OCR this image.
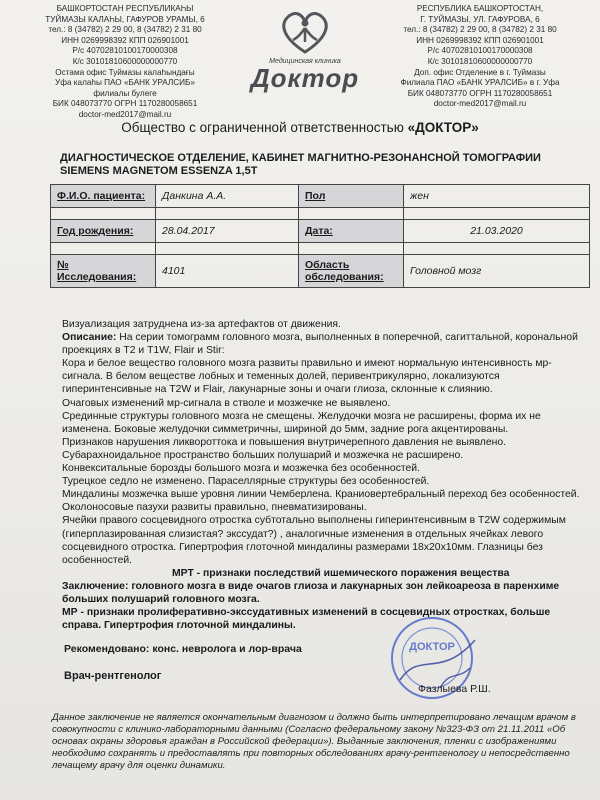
БАШКОРТОСТАН РЕСПУБЛИКАҺЫ
ТУЙМАЗЫ КАЛАҺЫ, ГАФУРОВ УРАМЫ, 6
тел.: 8 (34782) 2 29 00, 8 (34782) 2 31 80
ИНН 0269998392 КПП 026901001
Р/с 40702810100170000308
К/с 30101810600000000770
Остама офис Туймазы калаһындағы
Уфа калаһы ПАО «БАНК УРАЛСИБ»
филиалы булеге
БИК 048073770 ОГРН 1170280058651
doctor-med2017@mail.ru
Медицинская клиника
Доктор
РЕСПУБЛИКА БАШКОРТОСТАН,
Г. ТУЙМАЗЫ, УЛ. ГАФУРОВА, 6
тел.: 8 (34782) 2 29 00, 8 (34782) 2 31 80
ИНН 0269998392 КПП 026901001
Р/с 40702810100170000308
К/с 30101810600000000770
Доп. офис Отделение в г. Туймазы
Филиала ПАО «БАНК УРАЛСИБ» в г. Уфа
БИК 048073770 ОГРН 1170280058651
doctor-med2017@mail.ru
Общество с ограниченной ответственностью «ДОКТОР»
ДИАГНОСТИЧЕСКОЕ ОТДЕЛЕНИЕ, КАБИНЕТ МАГНИТНО-РЕЗОНАНСНОЙ ТОМОГРАФИИ SIEMENS MAGNETOM ESSENZA 1,5T
Ф.И.О. пациента:	Данкина А.А.	Пол	жен

Год рождения:	28.04.2017	Дата:	21.03.2020

№ Исследования:	4101	Область обследования:	Головной мозг

Визуализация затруднена из-за артефактов от движения.

Описание: На серии томограмм головного мозга, выполненных в поперечной, сагиттальной, корональной проекциях в Т2 и Т1W, Flair и Stir:

Кора и белое вещество головного мозга развиты правильно и имеют нормальную интенсивность мр-сигнала. В белом веществе лобных и теменных долей, перивентрикулярно, локализуются гиперинтенсивные на Т2W и Flair, лакунарные зоны и очаги глиоза, склонные к слиянию.

Очаговых изменений мр-сигнала в стволе и мозжечке не выявлено.

Срединные структуры головного мозга не смещены. Желудочки мозга не расширены, форма их не изменена. Боковые желудочки симметричны, шириной до 5мм, задние рога акцентированы.

Признаков нарушения ликвороттока и повышения внутричерепного давления не выявлено.

Субарахноидальное пространство больших полушарий и мозжечка не расширено.

Конвекситальные борозды большого мозга и мозжечка без особенностей.

Турецкое седло не изменено. Параселлярные структуры без особенностей.

Миндалины мозжечка выше уровня линии Чемберлена. Краниовертебральный переход без особенностей.

Околоносовые пазухи развиты правильно, пневматизированы.

Ячейки правого сосцевидного отростка субтотально выполнены гиперинтенсивным в Т2W содержимым (гиперплазированная слизистая? экссудат?) , аналогичные изменения в отдельных ячейках левого сосцевидного отростка. Гипертрофия глоточной миндалины размерами 18х20х10мм. Глазницы без особенностей.

МРТ - признаки последствий ишемического поражения вещества

Заключение: головного мозга в виде очагов глиоза и лакунарных зон лейкоареоза в паренхиме больших полушарий головного мозга.

МР - признаки пролиферативно-экссудативных изменений в сосцевидных отростках, больше справа. Гипертрофия глоточной миндалины.

Рекомендовано: конс. невролога и лор-врача	ДОКТОР
Врач-рентгенолог
Фазлыева Р.Ш.
Данное заключение не является окончательным диагнозом и должно быть интерпретировано лечащим врачом в совокупности с клинико-лабораторными данными (Согласно федеральному закону №323-ФЗ от 21.11.2011 «Об основах охраны здоровья граждан в Российской федерации»). Выданные заключения, пленки с изображениями необходимо сохранять и предоставлять при повторных обследованиях врачу-рентгенологу и непосредственно лечащему врачу для оценки динамики.
